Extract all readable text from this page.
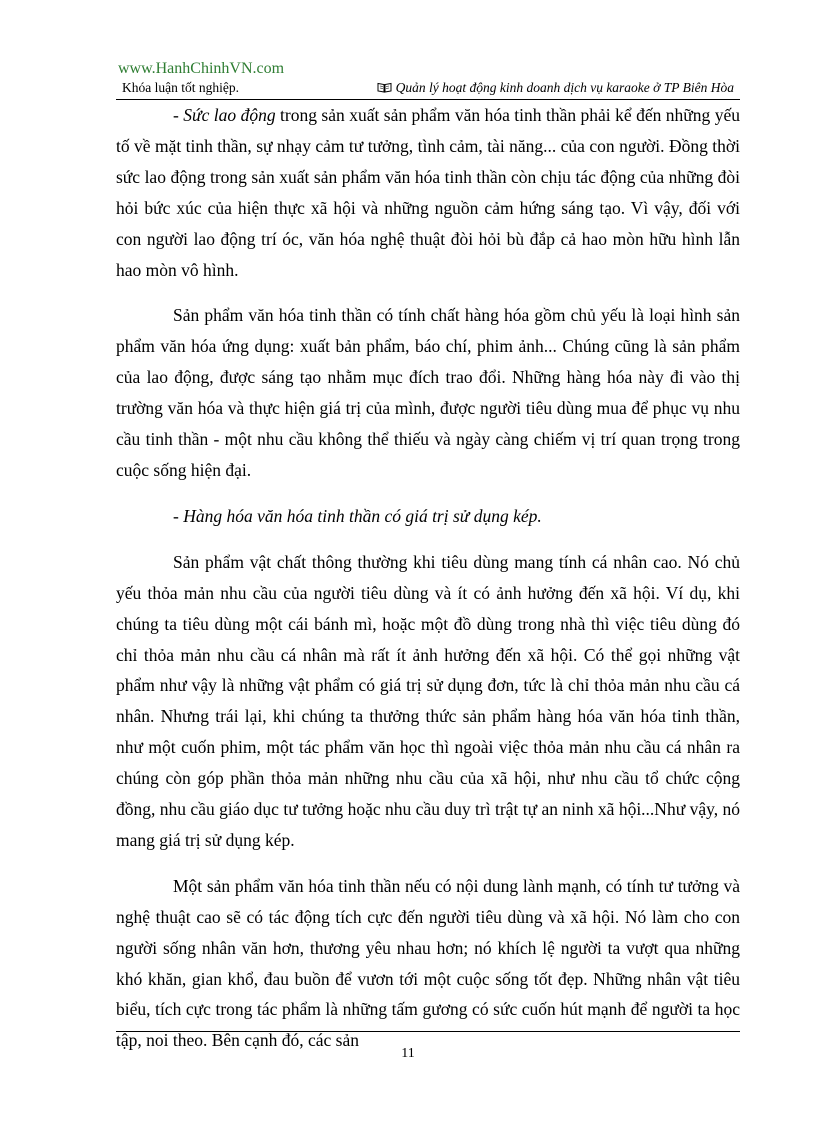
www.HanhChinhVN.com
Khóa luận tốt nghiệp.	Quản lý hoạt động kinh doanh dịch vụ karaoke ở TP Biên Hòa

- Sức lao động trong sản xuất sản phẩm văn hóa tinh thần phải kể đến những yếu tố về mặt tinh thần, sự nhạy cảm tư tưởng, tình cảm, tài năng... của con người. Đồng thời sức lao động trong sản xuất sản phẩm văn hóa tinh thần còn chịu tác động của những đòi hỏi bức xúc của hiện thực xã hội và những nguồn cảm hứng sáng tạo. Vì vậy, đối với con người lao động trí óc, văn hóa nghệ thuật đòi hỏi bù đắp cả hao mòn hữu hình lẫn hao mòn vô hình.

Sản phẩm văn hóa tinh thần có tính chất hàng hóa gồm chủ yếu là loại hình sản phẩm văn hóa ứng dụng: xuất bản phẩm, báo chí, phim ảnh... Chúng cũng là sản phẩm của lao động, được sáng tạo nhằm mục đích trao đổi. Những hàng hóa này đi vào thị trường văn hóa và thực hiện giá trị của mình, được người tiêu dùng mua để phục vụ nhu cầu tinh thần - một nhu cầu không thể thiếu và ngày càng chiếm vị trí quan trọng trong cuộc sống hiện đại.

- Hàng hóa văn hóa tinh thần có giá trị sử dụng kép.

Sản phẩm vật chất thông thường khi tiêu dùng mang tính cá nhân cao. Nó chủ yếu thỏa mản nhu cầu của người tiêu dùng và ít có ảnh hưởng đến xã hội. Ví dụ, khi chúng ta tiêu dùng một cái bánh mì, hoặc một đồ dùng trong nhà thì việc tiêu dùng đó chỉ thỏa mản nhu cầu cá nhân mà rất ít ảnh hưởng đến xã hội. Có thể gọi những vật phẩm như vậy là những vật phẩm có giá trị sử dụng đơn, tức là chỉ thỏa mản nhu cầu cá nhân. Nhưng trái lại, khi chúng ta thưởng thức sản phẩm hàng hóa văn hóa tinh thần, như một cuốn phim, một tác phẩm văn học thì ngoài việc thỏa mản nhu cầu cá nhân ra chúng còn góp phần thỏa mản những nhu cầu của xã hội, như nhu cầu tổ chức cộng đồng, nhu cầu giáo dục tư tưởng hoặc nhu cầu duy trì trật tự an ninh xã hội...Như vậy, nó mang giá trị sử dụng kép.

Một sản phẩm văn hóa tinh thần nếu có nội dung lành mạnh, có tính tư tưởng và nghệ thuật cao sẽ có tác động tích cực đến người tiêu dùng và xã hội. Nó làm cho con người sống nhân văn hơn, thương yêu nhau hơn; nó khích lệ người ta vượt qua những khó khăn, gian khổ, đau buồn để vươn tới một cuộc sống tốt đẹp. Những nhân vật tiêu biểu, tích cực trong tác phẩm là những tấm gương có sức cuốn hút mạnh để người ta học tập, noi theo. Bên cạnh đó, các sản

11
